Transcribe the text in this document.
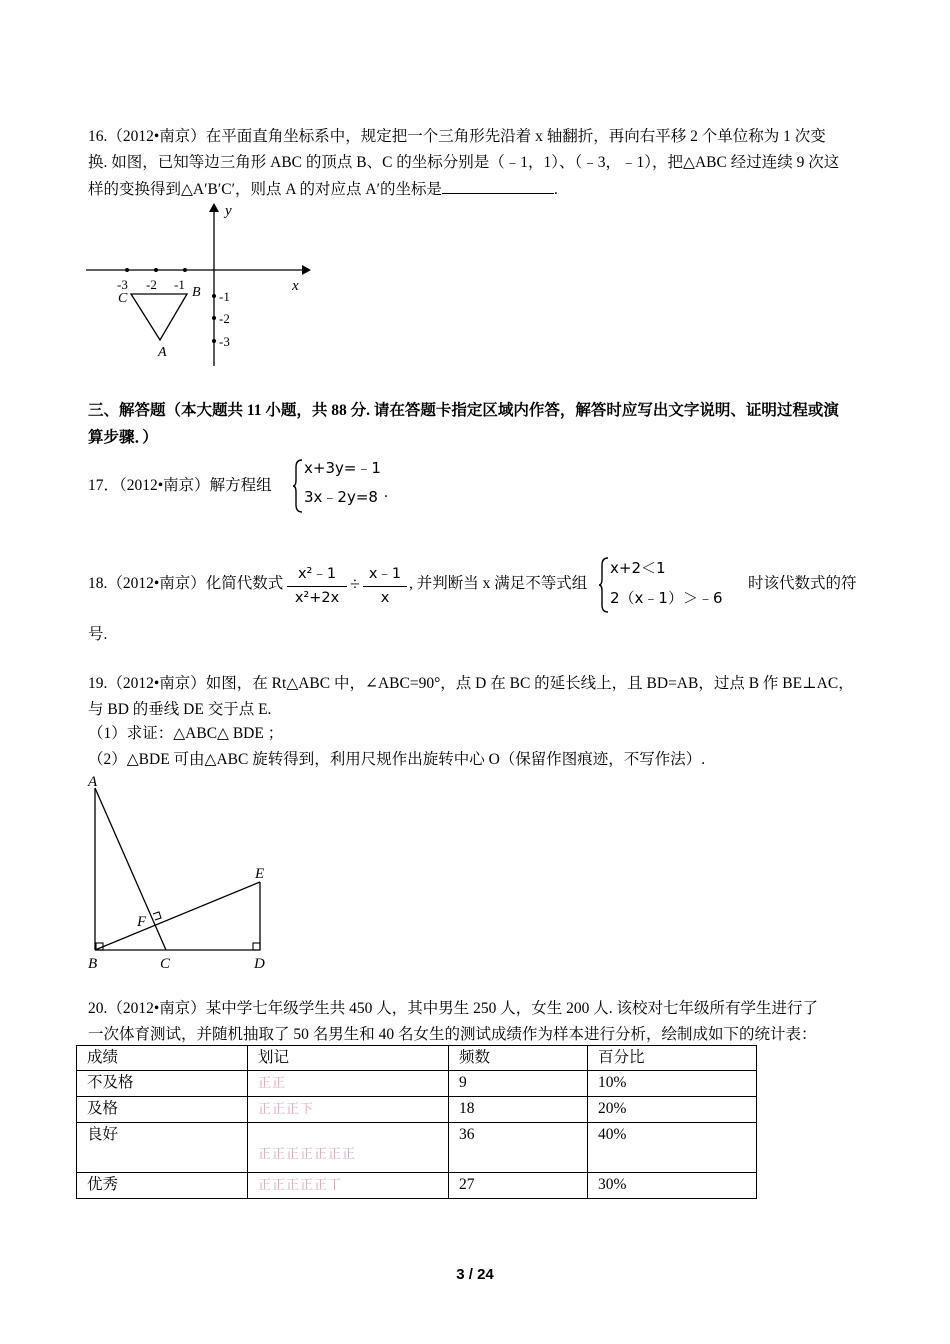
16.（2012•南京）在平面直角坐标系中，规定把一个三角形先沿着 x 轴翻折，再向右平移 2 个单位称为 1 次变
换. 如图，已知等边三角形 ABC 的顶点 B、C 的坐标分别是（﹣1，1）、（﹣3，﹣1），把△ABC 经过连续 9 次这
样的变换得到△A′B′C′，则点 A 的对应点 A′的坐标是	.
y
x
-3 -2 -1
-1
-2
-3
C	B
A
三、解答题（本大题共 11 小题，共 88 分. 请在答题卡指定区域内作答，解答时应写出文字说明、证明过程或演
算步骤．）
17．（2012•南京）解方程组
x+3y=﹣1
3x﹣2y=8 .
18.（2012•南京）化简代数式 $\frac{\text{x²﹣1}}{\text{x²+2x}} \div \frac{x﹣1}{x}$ , 并判断当 x 满足不等式组
x+2＜1
2（x﹣1）＞﹣6
时该代数式的符
号.
19.（2012•南京）如图，在 Rt△ABC 中，∠ABC=90°，点 D 在 BC 的延长线上，且 BD=AB，过点 B 作 BE⊥AC，
与 BD 的垂线 DE 交于点 E.
（1）求证：△ABC△ BDE ；
（2）△BDE 可由△ABC 旋转得到，利用尺规作出旋转中心 O（保留作图痕迹，不写作法）.
A
E
F
B	C	D
20.（2012•南京）某中学七年级学生共 450 人，其中男生 250 人，女生 200 人. 该校对七年级所有学生进行了
一次体育测试，并随机抽取了 50 名男生和 40 名女生的测试成绩作为样本进行分析，绘制成如下的统计表：
成绩	划记	频数	百分比
不及格	正正	9	10%
及格	正正正下	18	20%
良好	正正正正正正正	36	40%
优秀	正正正正正丅	27	30%
3 / 24
